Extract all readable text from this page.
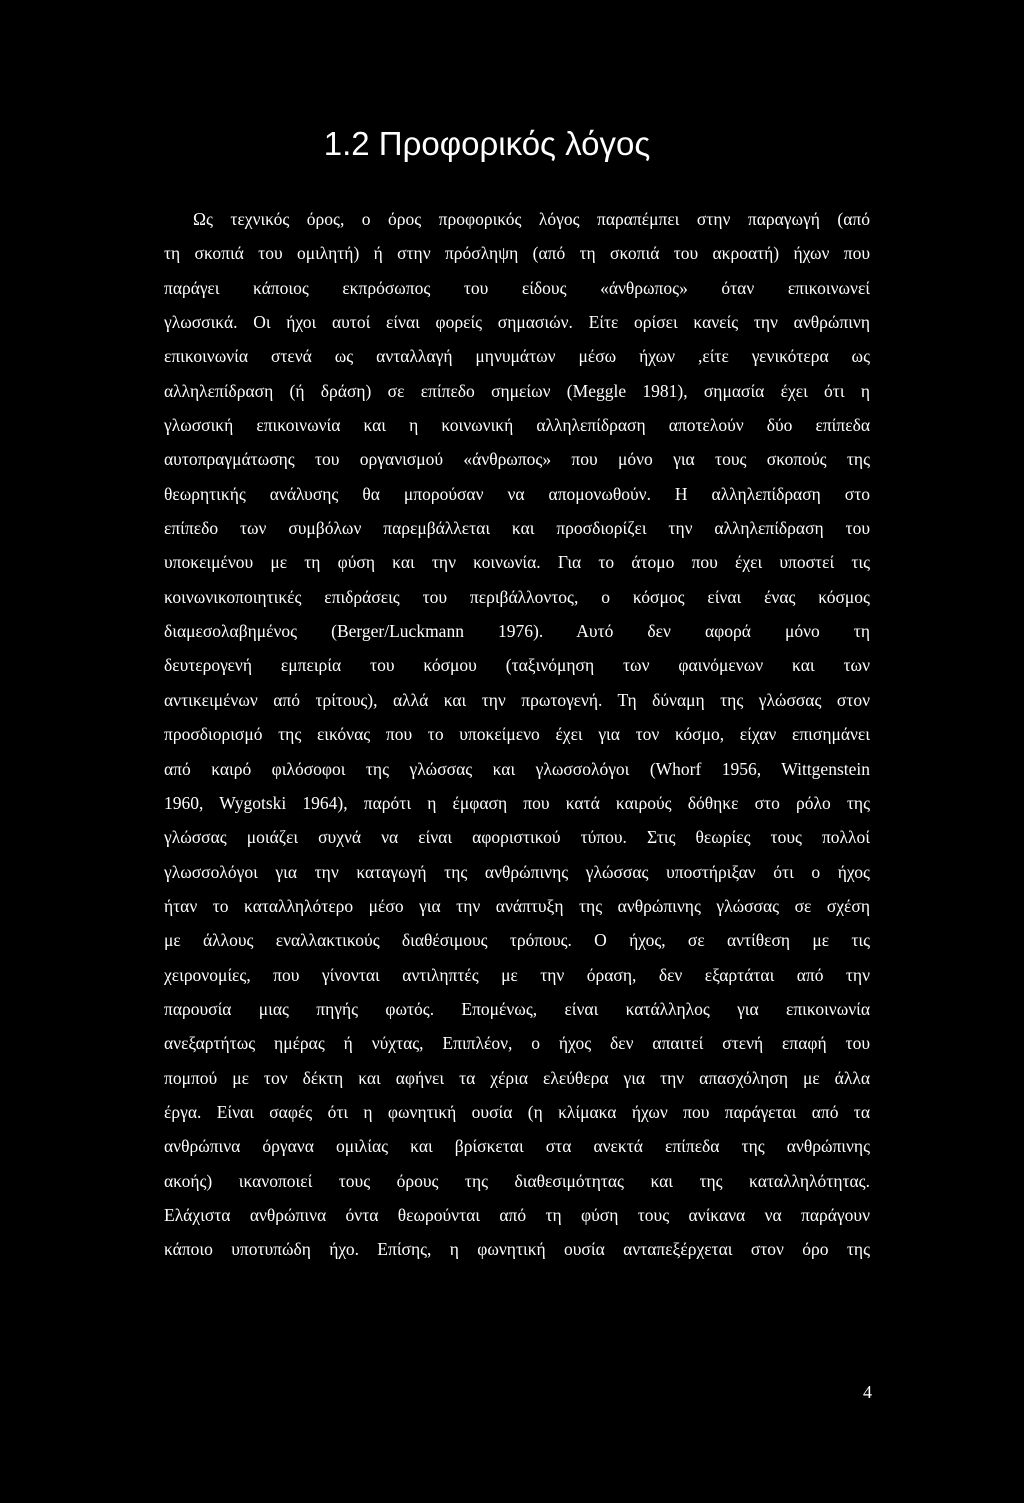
1.2 Προφορικός λόγος
Ως τεχνικός όρος, ο όρος προφορικός λόγος παραπέμπει στην παραγωγή (από
τη σκοπιά του ομιλητή) ή στην πρόσληψη (από τη σκοπιά του ακροατή) ήχων που
παράγει κάποιος εκπρόσωπος του είδους «άνθρωπος» όταν επικοινωνεί
γλωσσικά. Οι ήχοι αυτοί είναι φορείς σημασιών. Είτε ορίσει κανείς την ανθρώπινη
επικοινωνία στενά ως ανταλλαγή μηνυμάτων μέσω ήχων ,είτε γενικότερα ως
αλληλεπίδραση (ή δράση) σε επίπεδο σημείων (Meggle 1981), σημασία έχει ότι η
γλωσσική επικοινωνία και η κοινωνική αλληλεπίδραση αποτελούν δύο επίπεδα
αυτοπραγμάτωσης του οργανισμού «άνθρωπος» που μόνο για τους σκοπούς της
θεωρητικής ανάλυσης θα μπορούσαν να απομονωθούν. Η αλληλεπίδραση στο
επίπεδο των συμβόλων παρεμβάλλεται και προσδιορίζει την αλληλεπίδραση του
υποκειμένου με τη φύση και την κοινωνία. Για το άτομο που έχει υποστεί τις
κοινωνικοποιητικές επιδράσεις του περιβάλλοντος, ο κόσμος είναι ένας κόσμος
διαμεσολαβημένος (Berger/Luckmann 1976). Αυτό δεν αφορά μόνο τη
δευτερογενή εμπειρία του κόσμου (ταξινόμηση των φαινόμενων και των
αντικειμένων από τρίτους), αλλά και την πρωτογενή. Τη δύναμη της γλώσσας στον
προσδιορισμό της εικόνας που το υποκείμενο έχει για τον κόσμο, είχαν επισημάνει
από καιρό φιλόσοφοι της γλώσσας και γλωσσολόγοι (Whorf 1956, Wittgenstein
1960, Wygotski 1964), παρότι η έμφαση που κατά καιρούς δόθηκε στο ρόλο της
γλώσσας μοιάζει συχνά να είναι αφοριστικού τύπου. Στις θεωρίες τους πολλοί
γλωσσολόγοι για την καταγωγή της ανθρώπινης γλώσσας υποστήριξαν ότι ο ήχος
ήταν το καταλληλότερο μέσο για την ανάπτυξη της ανθρώπινης γλώσσας σε σχέση
με άλλους εναλλακτικούς διαθέσιμους τρόπους. Ο ήχος, σε αντίθεση με τις
χειρονομίες, που γίνονται αντιληπτές με την όραση, δεν εξαρτάται από την
παρουσία μιας πηγής φωτός. Επομένως, είναι κατάλληλος για επικοινωνία
ανεξαρτήτως ημέρας ή νύχτας, Επιπλέον, ο ήχος δεν απαιτεί στενή επαφή του
πομπού με τον δέκτη και αφήνει τα χέρια ελεύθερα για την απασχόληση με άλλα
έργα. Είναι σαφές ότι η φωνητική ουσία (η κλίμακα ήχων που παράγεται από τα
ανθρώπινα όργανα ομιλίας και βρίσκεται στα ανεκτά επίπεδα της ανθρώπινης
ακοής) ικανοποιεί τους όρους της διαθεσιμότητας και της καταλληλότητας.
Ελάχιστα ανθρώπινα όντα θεωρούνται από τη φύση τους ανίκανα να παράγουν
κάποιο υποτυπώδη ήχο. Επίσης, η φωνητική ουσία ανταπεξέρχεται στον όρο της
4
